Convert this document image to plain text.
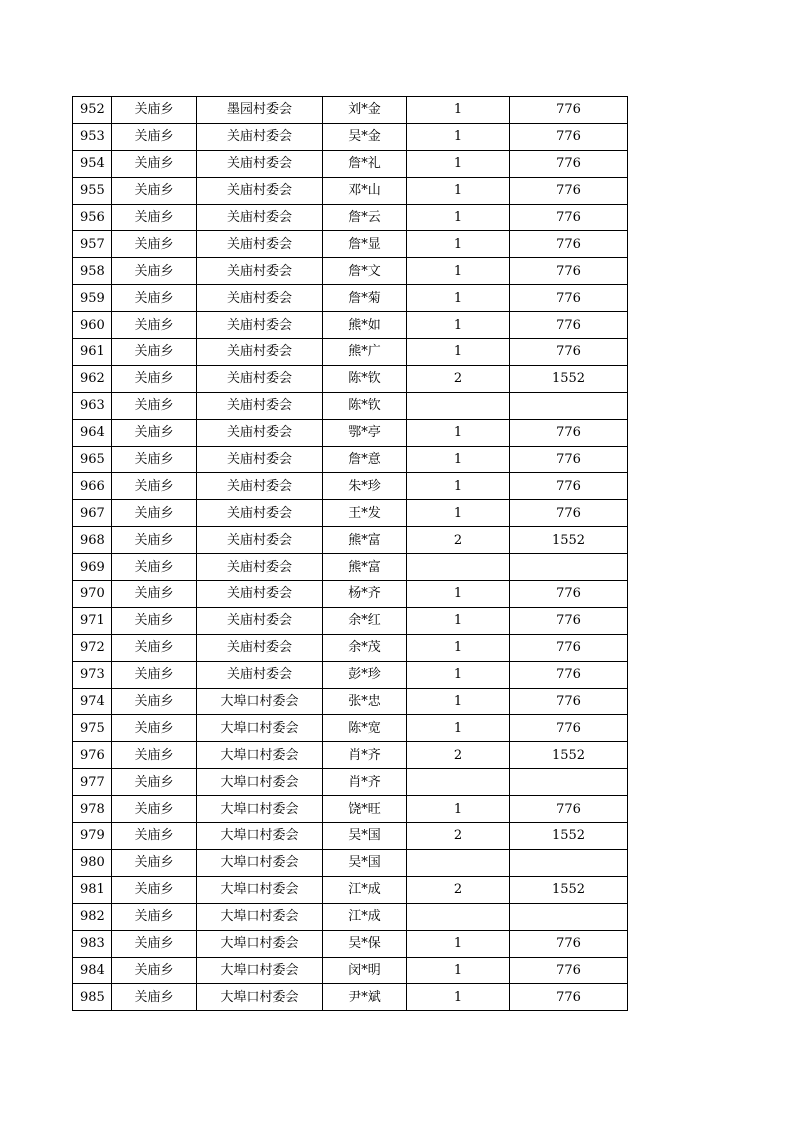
952	关庙乡	墨园村委会	刘*金	1	776
953	关庙乡	关庙村委会	吴*金	1	776
954	关庙乡	关庙村委会	詹*礼	1	776
955	关庙乡	关庙村委会	邓*山	1	776
956	关庙乡	关庙村委会	詹*云	1	776
957	关庙乡	关庙村委会	詹*显	1	776
958	关庙乡	关庙村委会	詹*文	1	776
959	关庙乡	关庙村委会	詹*菊	1	776
960	关庙乡	关庙村委会	熊*如	1	776
961	关庙乡	关庙村委会	熊*广	1	776
962	关庙乡	关庙村委会	陈*钦	2	1552
963	关庙乡	关庙村委会	陈*钦		
964	关庙乡	关庙村委会	鄂*亭	1	776
965	关庙乡	关庙村委会	詹*意	1	776
966	关庙乡	关庙村委会	朱*珍	1	776
967	关庙乡	关庙村委会	王*发	1	776
968	关庙乡	关庙村委会	熊*富	2	1552
969	关庙乡	关庙村委会	熊*富		
970	关庙乡	关庙村委会	杨*齐	1	776
971	关庙乡	关庙村委会	余*红	1	776
972	关庙乡	关庙村委会	余*茂	1	776
973	关庙乡	关庙村委会	彭*珍	1	776
974	关庙乡	大埠口村委会	张*忠	1	776
975	关庙乡	大埠口村委会	陈*宽	1	776
976	关庙乡	大埠口村委会	肖*齐	2	1552
977	关庙乡	大埠口村委会	肖*齐		
978	关庙乡	大埠口村委会	饶*旺	1	776
979	关庙乡	大埠口村委会	吴*国	2	1552
980	关庙乡	大埠口村委会	吴*国		
981	关庙乡	大埠口村委会	江*成	2	1552
982	关庙乡	大埠口村委会	江*成		
983	关庙乡	大埠口村委会	吴*保	1	776
984	关庙乡	大埠口村委会	闵*明	1	776
985	关庙乡	大埠口村委会	尹*斌	1	776
